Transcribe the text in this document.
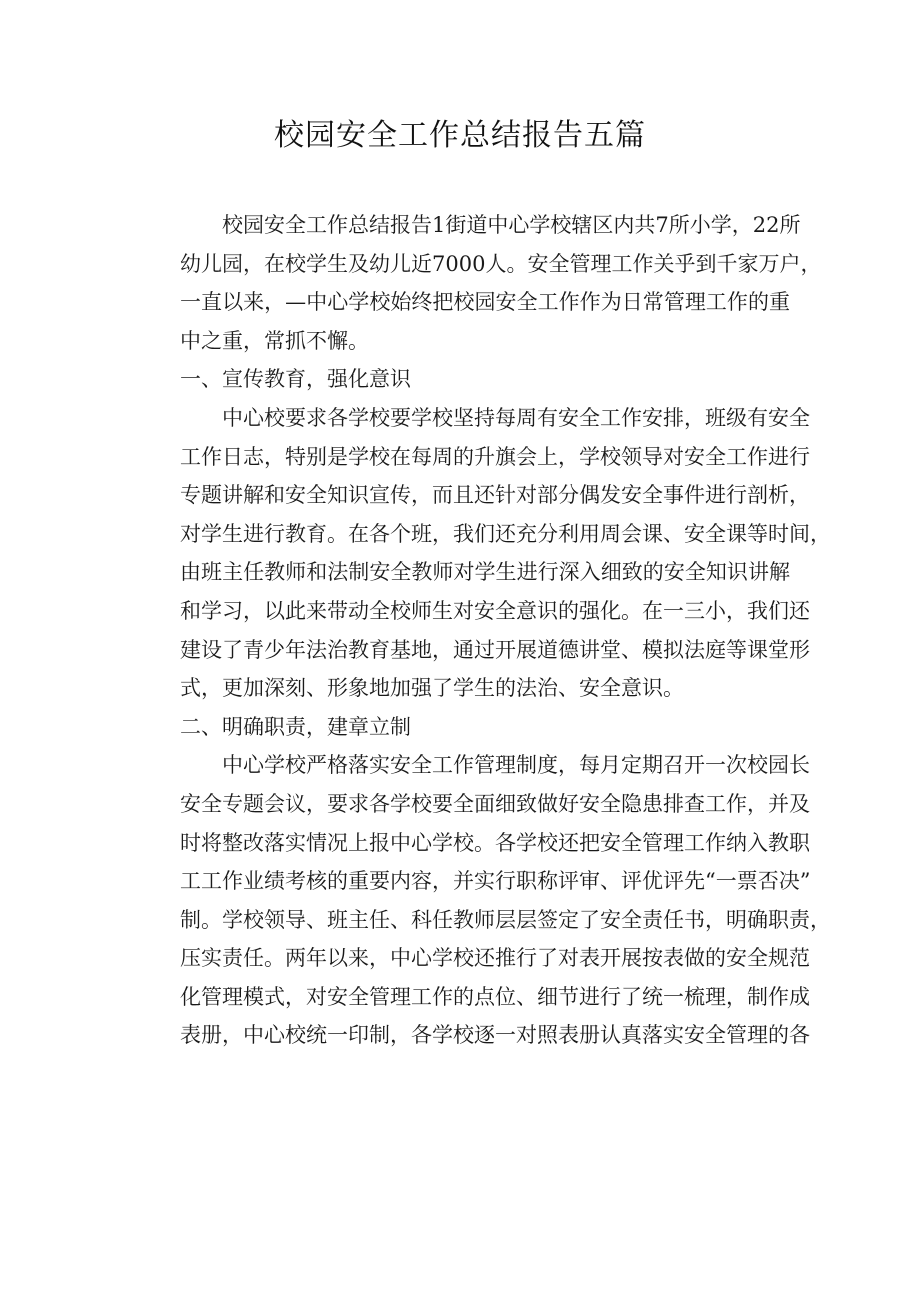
校园安全工作总结报告五篇

校园安全工作总结报告1街道中心学校辖区内共7所小学，22所
幼儿园，在校学生及幼儿近7000人。安全管理工作关乎到千家万户，
一直以来，—中心学校始终把校园安全工作作为日常管理工作的重
中之重，常抓不懈。

一、宣传教育，强化意识

中心校要求各学校要学校坚持每周有安全工作安排，班级有安全
工作日志，特别是学校在每周的升旗会上，学校领导对安全工作进行
专题讲解和安全知识宣传，而且还针对部分偶发安全事件进行剖析，
对学生进行教育。在各个班，我们还充分利用周会课、安全课等时间，
由班主任教师和法制安全教师对学生进行深入细致的安全知识讲解
和学习，以此来带动全校师生对安全意识的强化。在一三小，我们还
建设了青少年法治教育基地，通过开展道德讲堂、模拟法庭等课堂形
式，更加深刻、形象地加强了学生的法治、安全意识。

二、明确职责，建章立制

中心学校严格落实安全工作管理制度，每月定期召开一次校园长
安全专题会议，要求各学校要全面细致做好安全隐患排查工作，并及
时将整改落实情况上报中心学校。各学校还把安全管理工作纳入教职
工工作业绩考核的重要内容，并实行职称评审、评优评先“一票否决”
制。学校领导、班主任、科任教师层层签定了安全责任书，明确职责，
压实责任。两年以来，中心学校还推行了对表开展按表做的安全规范
化管理模式，对安全管理工作的点位、细节进行了统一梳理，制作成
表册，中心校统一印制，各学校逐一对照表册认真落实安全管理的各
